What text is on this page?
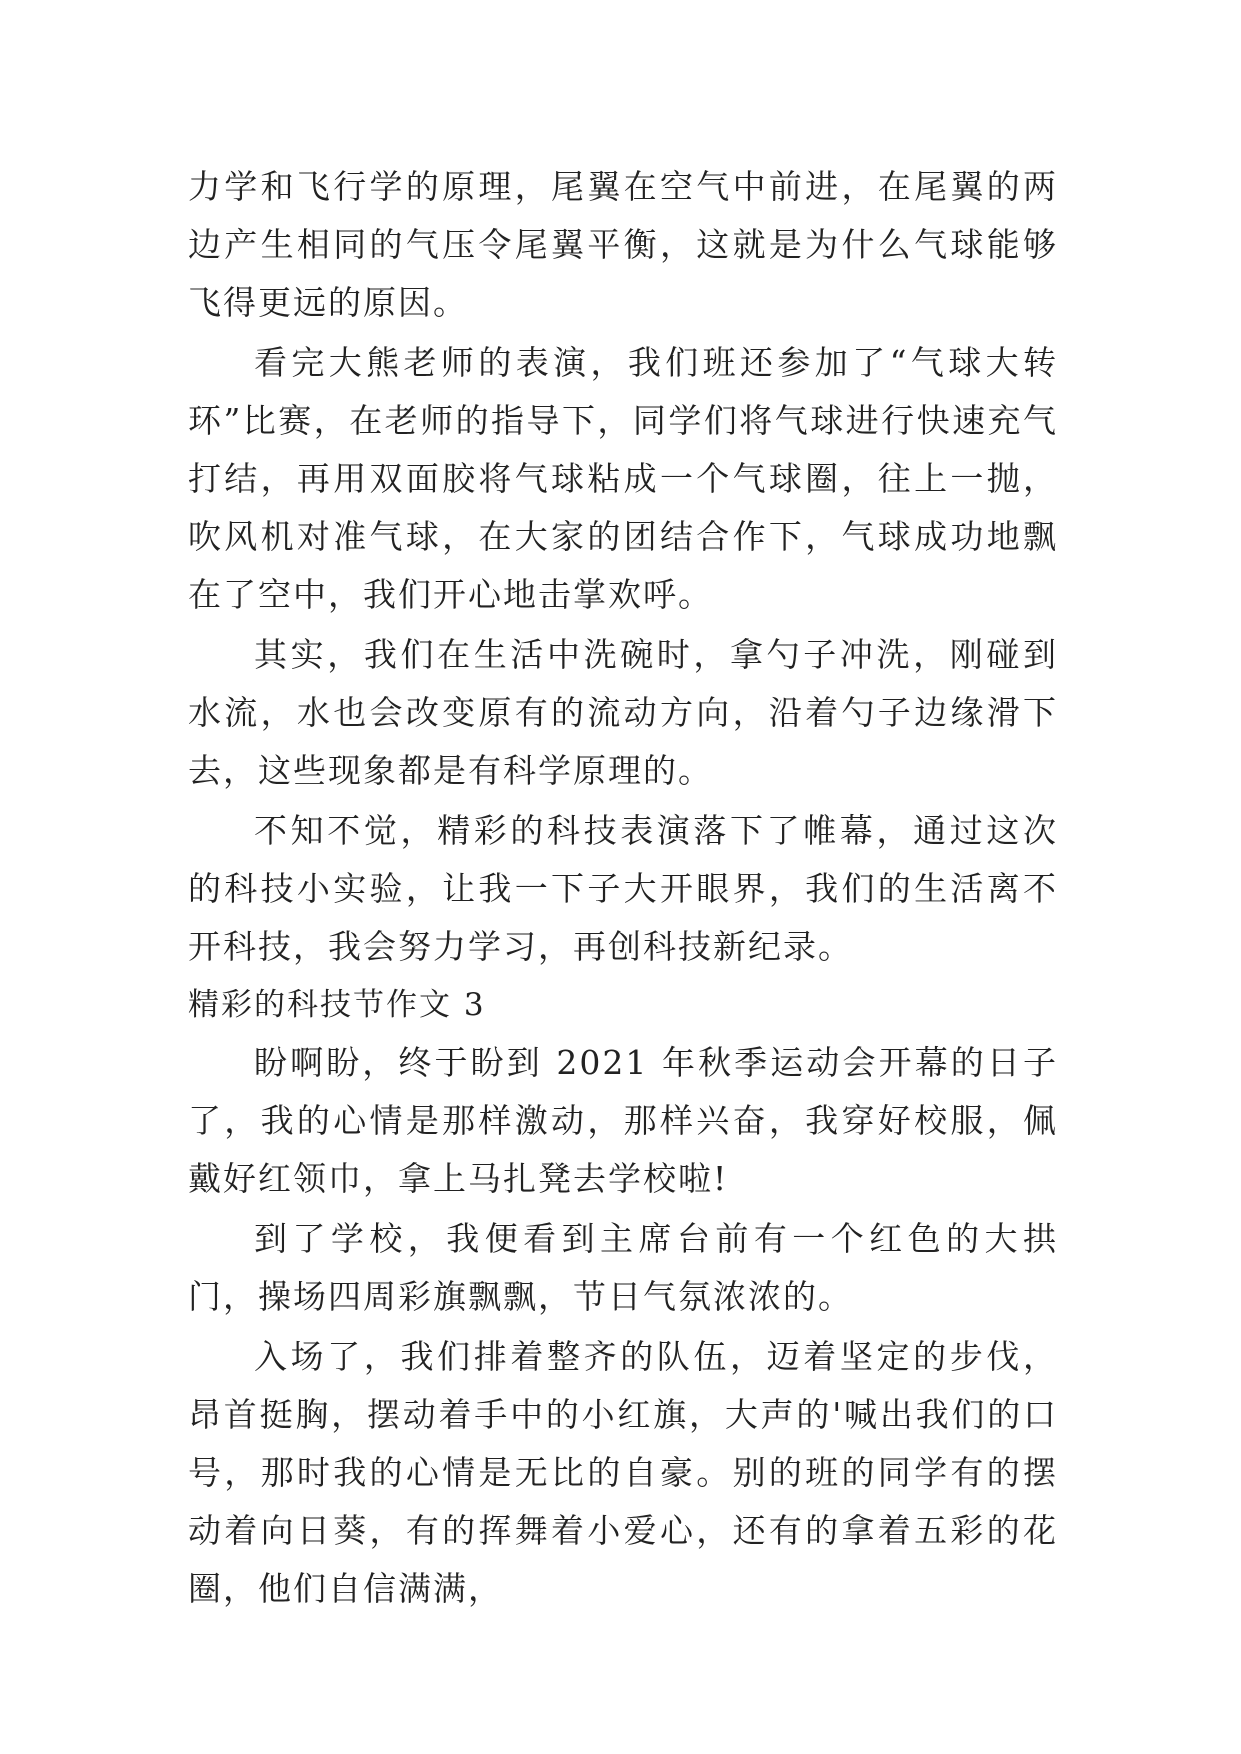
力学和飞行学的原理，尾翼在空气中前进，在尾翼的两边产生相同的气压令尾翼平衡，这就是为什么气球能够飞得更远的原因。

看完大熊老师的表演，我们班还参加了“气球大转环”比赛，在老师的指导下，同学们将气球进行快速充气打结，再用双面胶将气球粘成一个气球圈，往上一抛，吹风机对准气球，在大家的团结合作下，气球成功地飘在了空中，我们开心地击掌欢呼。

其实，我们在生活中洗碗时，拿勺子冲洗，刚碰到水流，水也会改变原有的流动方向，沿着勺子边缘滑下去，这些现象都是有科学原理的。

不知不觉，精彩的科技表演落下了帷幕，通过这次的科技小实验，让我一下子大开眼界，我们的生活离不开科技，我会努力学习，再创科技新纪录。

精彩的科技节作文 3

盼啊盼，终于盼到 2021 年秋季运动会开幕的日子了，我的心情是那样激动，那样兴奋，我穿好校服，佩戴好红领巾，拿上马扎凳去学校啦!

到了学校，我便看到主席台前有一个红色的大拱门，操场四周彩旗飘飘，节日气氛浓浓的。

入场了，我们排着整齐的队伍，迈着坚定的步伐，昂首挺胸，摆动着手中的小红旗，大声的'喊出我们的口号，那时我的心情是无比的自豪。别的班的同学有的摆动着向日葵，有的挥舞着小爱心，还有的拿着五彩的花圈，他们自信满满，
